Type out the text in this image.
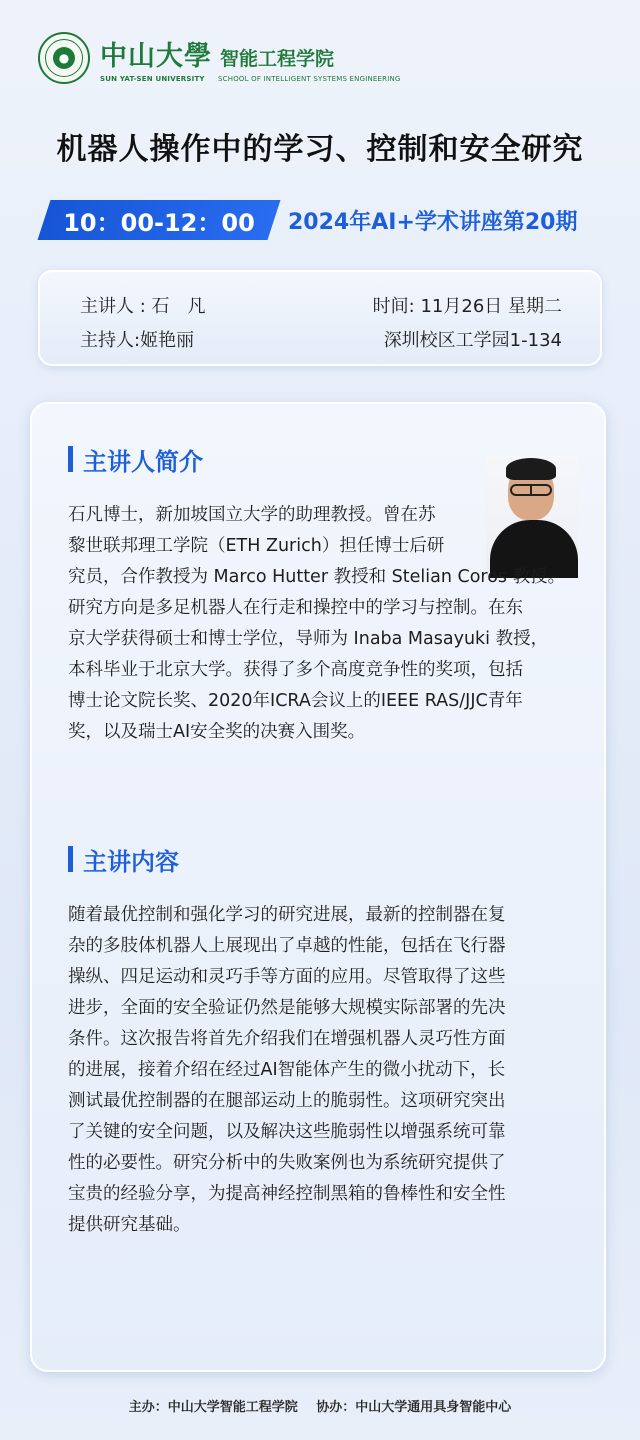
● 中山大學 智能工程学院
SUN YAT-SEN UNIVERSITY	SCHOOL OF INTELLIGENT SYSTEMS ENGINEERING
机器人操作中的学习、控制和安全研究
10：00-12：00 2024年AI+学术讲座第20期
主讲人 : 石　凡
主持人:姬艳丽
时间: 11月26日 星期二
深圳校区工学园1-134
主讲人简介
石凡博士，新加坡国立大学的助理教授。曾在苏
黎世联邦理工学院（ETH Zurich）担任博士后研
究员，合作教授为 Marco Hutter 教授和 Stelian Coros 教授。
研究方向是多足机器人在行走和操控中的学习与控制。在东
京大学获得硕士和博士学位，导师为 Inaba Masayuki 教授，
本科毕业于北京大学。获得了多个高度竞争性的奖项，包括
博士论文院长奖、2020年ICRA会议上的IEEE RAS/JJC青年
奖，以及瑞士AI安全奖的决赛入围奖。
主讲内容
随着最优控制和强化学习的研究进展，最新的控制器在复
杂的多肢体机器人上展现出了卓越的性能，包括在飞行器
操纵、四足运动和灵巧手等方面的应用。尽管取得了这些
进步，全面的安全验证仍然是能够大规模实际部署的先决
条件。这次报告将首先介绍我们在增强机器人灵巧性方面
的进展，接着介绍在经过AI智能体产生的微小扰动下，长
测试最优控制器的在腿部运动上的脆弱性。这项研究突出
了关键的安全问题，以及解决这些脆弱性以增强系统可靠
性的必要性。研究分析中的失败案例也为系统研究提供了
宝贵的经验分享，为提高神经控制黑箱的鲁棒性和安全性
提供研究基础。
主办：中山大学智能工程学院 协办：中山大学通用具身智能中心
